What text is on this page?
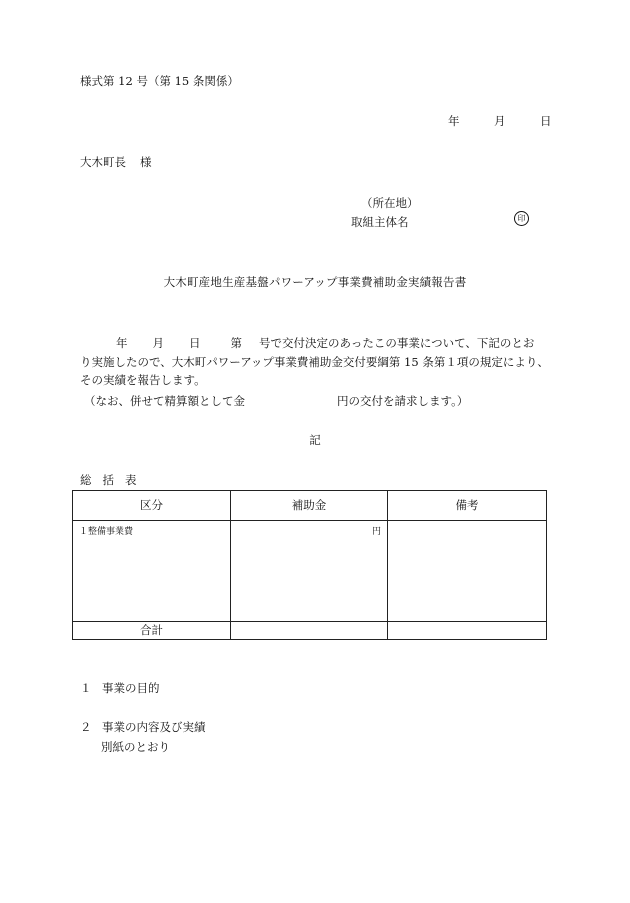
様式第 12 号（第 15 条関係）
年	月	日
大木町長 様
（所在地）
取組主体名	印
大木町産地生産基盤パワーアップ事業費補助金実績報告書
年 月 日	第 号で交付決定のあったこの事業について、下記のとお
り実施したので、大木町パワーアップ事業費補助金交付要綱第 15 条第１項の規定により、
その実績を報告します。
（なお、併せて精算額として金	円の交付を請求します。）
記
総括表
区分	補助金	備考
１整備事業費	円	
合計		
１ 事業の目的
２ 事業の内容及び実績
別紙のとおり
